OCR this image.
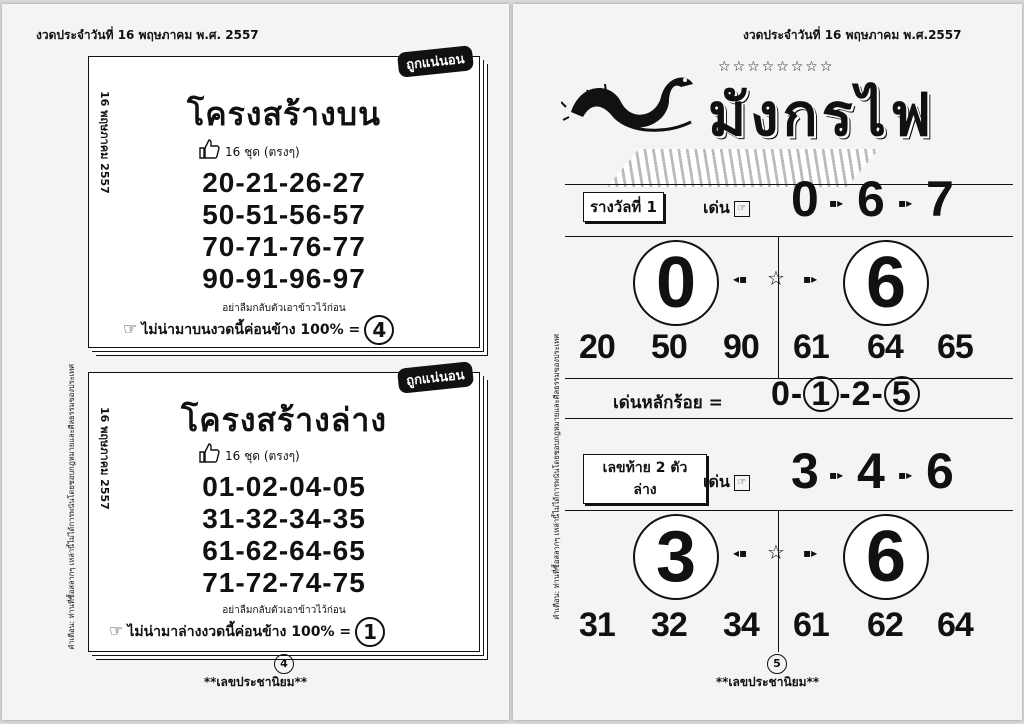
งวดประจำวันที่ 16 พฤษภาคม พ.ศ. 2557
คำเตือน: ท่านที่ซื้อสลากๆ เหล่านี้ไม่ได้การพนันโดยชอบกฎหมายและศีลธรรมของประเทศ
ถูกแน่นอน
16 พฤษภาคม 2557	โครงสร้างบน
16 ชุด (ตรงๆ)
20-21-26-27
50-51-56-57
70-71-76-77
90-91-96-97
อย่าลืมกลับตัวเอาข้าวไว้ก่อน
☞ ไม่น่ามาบนงวดนี้ค่อนข้าง 100% = 4
ถูกแน่นอน
16 พฤษภาคม 2557	โครงสร้างล่าง
16 ชุด (ตรงๆ)
01-02-04-05
31-32-34-35
61-62-64-65
71-72-74-75
อย่าลืมกลับตัวเอาข้าวไว้ก่อน
☞ ไม่น่ามาล่างงวดนี้ค่อนข้าง 100% = 1
4
**เลขประชานิยม**
งวดประจำวันที่ 16 พฤษภาคม พ.ศ.2557
คำเตือน: ท่านที่ซื้อสลากๆ เหล่านี้ไม่ได้การพนันโดยชอบกฎหมายและศีลธรรมของประเทศ
☆☆☆☆☆☆☆☆
มังกรไฟ
รางวัลที่ 1	เด่น ☞ 0 ▪▸ 6 ▪▸ 7
0	◂▪ ☆ ▪▸ 6
20 50 90 61 64 65
เด่นหลักร้อย = 0- 1 -2- 5
เลขท้าย 2 ตัว ล่าง	เด่น ☞ 3 ▪▸ 4 ▪▸ 6
3	◂▪ ☆ ▪▸ 6
31 32 34 61 62 64
5
**เลขประชานิยม**
